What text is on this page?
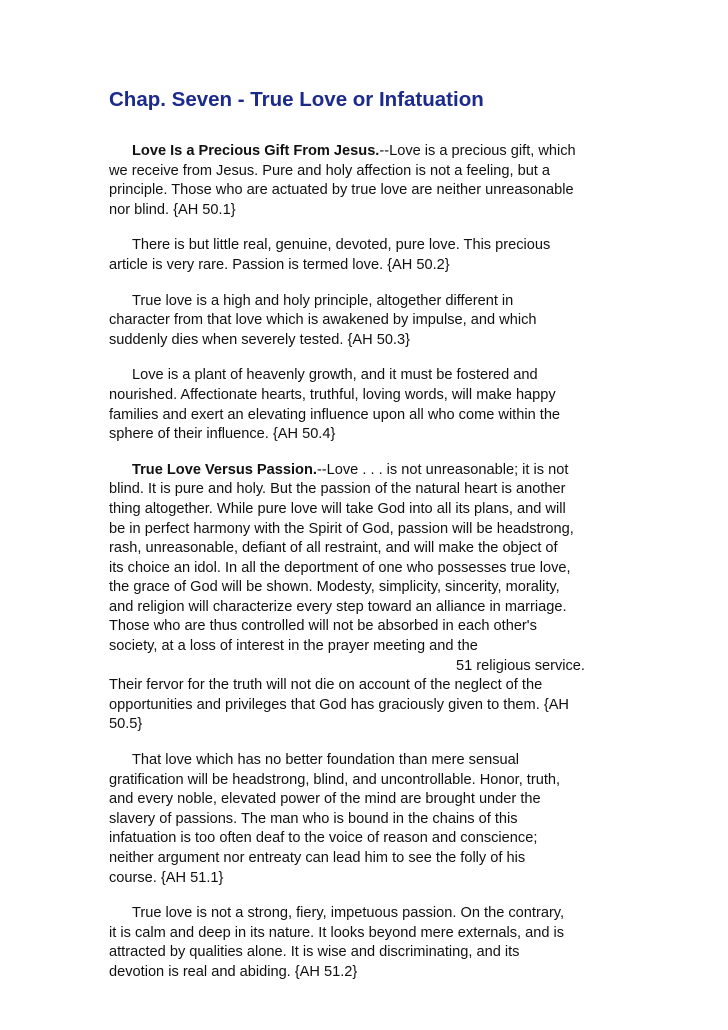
Chap. Seven - True Love or Infatuation

Love Is a Precious Gift From Jesus.--Love is a precious gift, which
we receive from Jesus. Pure and holy affection is not a feeling, but a
principle. Those who are actuated by true love are neither unreasonable
nor blind. {AH 50.1}

There is but little real, genuine, devoted, pure love. This precious
article is very rare. Passion is termed love. {AH 50.2}

True love is a high and holy principle, altogether different in
character from that love which is awakened by impulse, and which
suddenly dies when severely tested. {AH 50.3}

Love is a plant of heavenly growth, and it must be fostered and
nourished. Affectionate hearts, truthful, loving words, will make happy
families and exert an elevating influence upon all who come within the
sphere of their influence. {AH 50.4}

True Love Versus Passion.--Love . . . is not unreasonable; it is not
blind. It is pure and holy. But the passion of the natural heart is another
thing altogether. While pure love will take God into all its plans, and will
be in perfect harmony with the Spirit of God, passion will be headstrong,
rash, unreasonable, defiant of all restraint, and will make the object of
its choice an idol. In all the deportment of one who possesses true love,
the grace of God will be shown. Modesty, simplicity, sincerity, morality,
and religion will characterize every step toward an alliance in marriage.
Those who are thus controlled will not be absorbed in each other's
society, at a loss of interest in the prayer meeting and the
51 religious service.
Their fervor for the truth will not die on account of the neglect of the
opportunities and privileges that God has graciously given to them. {AH
50.5}

That love which has no better foundation than mere sensual
gratification will be headstrong, blind, and uncontrollable. Honor, truth,
and every noble, elevated power of the mind are brought under the
slavery of passions. The man who is bound in the chains of this
infatuation is too often deaf to the voice of reason and conscience;
neither argument nor entreaty can lead him to see the folly of his
course. {AH 51.1}

True love is not a strong, fiery, impetuous passion. On the contrary,
it is calm and deep in its nature. It looks beyond mere externals, and is
attracted by qualities alone. It is wise and discriminating, and its
devotion is real and abiding. {AH 51.2}
